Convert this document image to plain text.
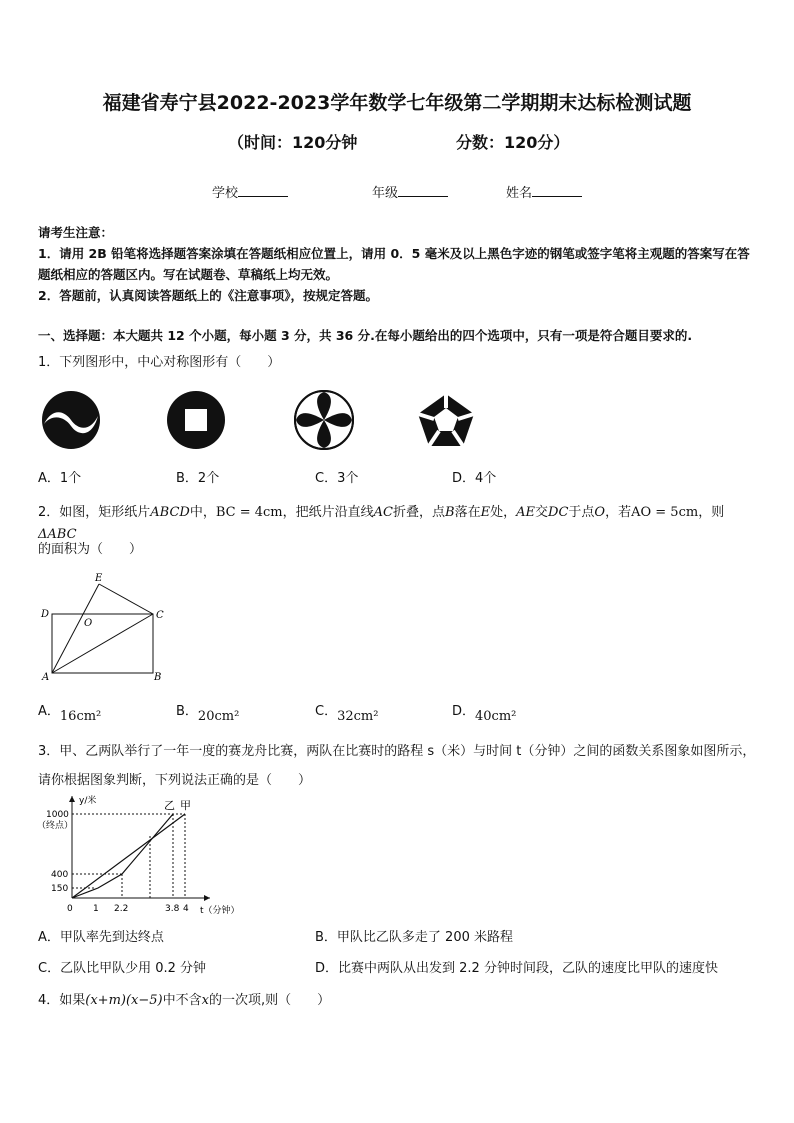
福建省寿宁县2022-2023学年数学七年级第二学期期末达标检测试题
（时间：120分钟	分数：120分）
学校	年级	姓名
请考生注意：
1．请用 2B 铅笔将选择题答案涂填在答题纸相应位置上，请用 0．5 毫米及以上黑色字迹的钢笔或签字笔将主观题的答案写在答题纸相应的答题区内。写在试题卷、草稿纸上均无效。
2．答题前，认真阅读答题纸上的《注意事项》，按规定答题。
一、选择题：本大题共 12 个小题，每小题 3 分，共 36 分.在每小题给出的四个选项中，只有一项是符合题目要求的.
1．下列图形中，中心对称图形有（　　）
A．1个	B．2个	C．3个	D．4个
2．如图，矩形纸片ABCD中，BC = 4cm，把纸片沿直线AC折叠，点B落在E处，AE交DC于点O，若AO = 5cm，则ΔABC
的面积为（　　）
E
D
O
C
A	B
A．16cm²	B．20cm²	C．32cm²	D．40cm²
3．甲、乙两队举行了一年一度的赛龙舟比赛，两队在比赛时的路程 s（米）与时间 t（分钟）之间的函数关系图象如图所示，请你根据图象判断，下列说法正确的是（　　）
y/米
1000
（终点）
400
150
0 1 2.2	3.8 4 t（分钟）
乙 甲
A．甲队率先到达终点	B．甲队比乙队多走了 200 米路程
C．乙队比甲队少用 0.2 分钟	D．比赛中两队从出发到 2.2 分钟时间段，乙队的速度比甲队的速度快
4．如果(x+m)(x−5)中不含x的一次项,则（　　）
